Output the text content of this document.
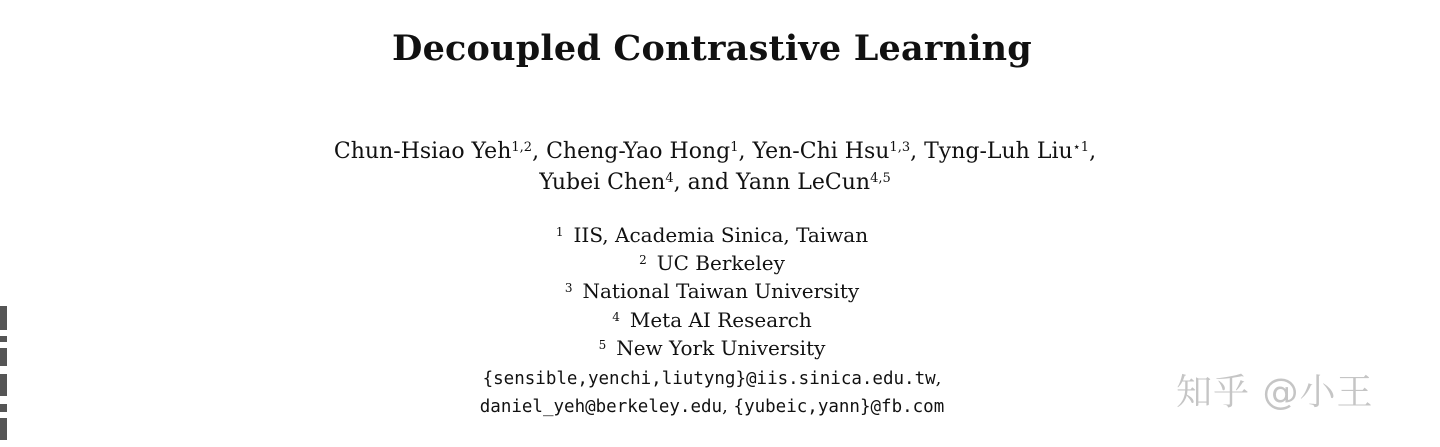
Decoupled Contrastive Learning
Chun-Hsiao Yeh$^{1,2}$, Cheng-Yao Hong$^1$, Yen-Chi Hsu$^{1,3}$, Tyng-Luh Liu$^{⋆1}$,
Yubei Chen$^4$, and Yann LeCun$^{4,5}$
$^1$ IIS, Academia Sinica, Taiwan
$^2$ UC Berkeley
$^3$ National Taiwan University
$^4$ Meta AI Research
$^5$ New York University
{sensible,yenchi,liutyng}@iis.sinica.edu.tw,
daniel_yeh@berkeley.edu, {yubeic,yann}@fb.com	知乎 @小王
